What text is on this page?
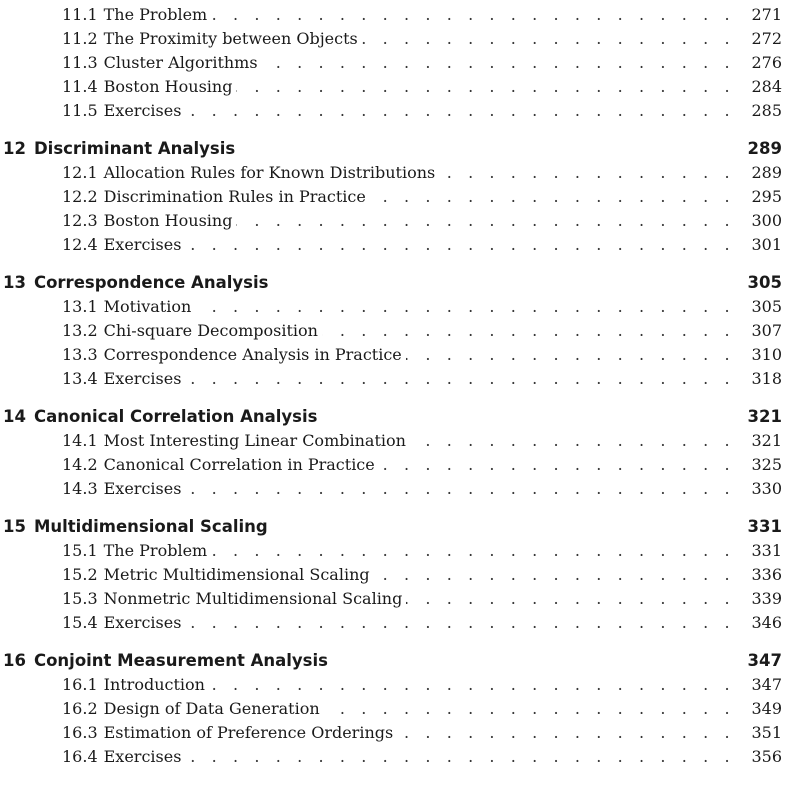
11.1 The Problem . . .	271
11.2 The Proximity between Objects . . .	272
11.3 Cluster Algorithms . . .	276
11.4 Boston Housing . . .	284
11.5 Exercises . . .	285
12 Discriminant Analysis	289
12.1 Allocation Rules for Known Distributions . . .	289
12.2 Discrimination Rules in Practice . . .	295
12.3 Boston Housing . . .	300
12.4 Exercises . . .	301
13 Correspondence Analysis	305
13.1 Motivation . . .	305
13.2 Chi-square Decomposition . . .	307
13.3 Correspondence Analysis in Practice . . .	310
13.4 Exercises . . .	318
14 Canonical Correlation Analysis	321
14.1 Most Interesting Linear Combination . . .	321
14.2 Canonical Correlation in Practice . . .	325
14.3 Exercises . . .	330
15 Multidimensional Scaling	331
15.1 The Problem . . .	331
15.2 Metric Multidimensional Scaling . . .	336
15.3 Nonmetric Multidimensional Scaling . . .	339
15.4 Exercises . . .	346
16 Conjoint Measurement Analysis	347
16.1 Introduction . . .	347
16.2 Design of Data Generation . . .	349
16.3 Estimation of Preference Orderings . . .	351
16.4 Exercises . . .	356
